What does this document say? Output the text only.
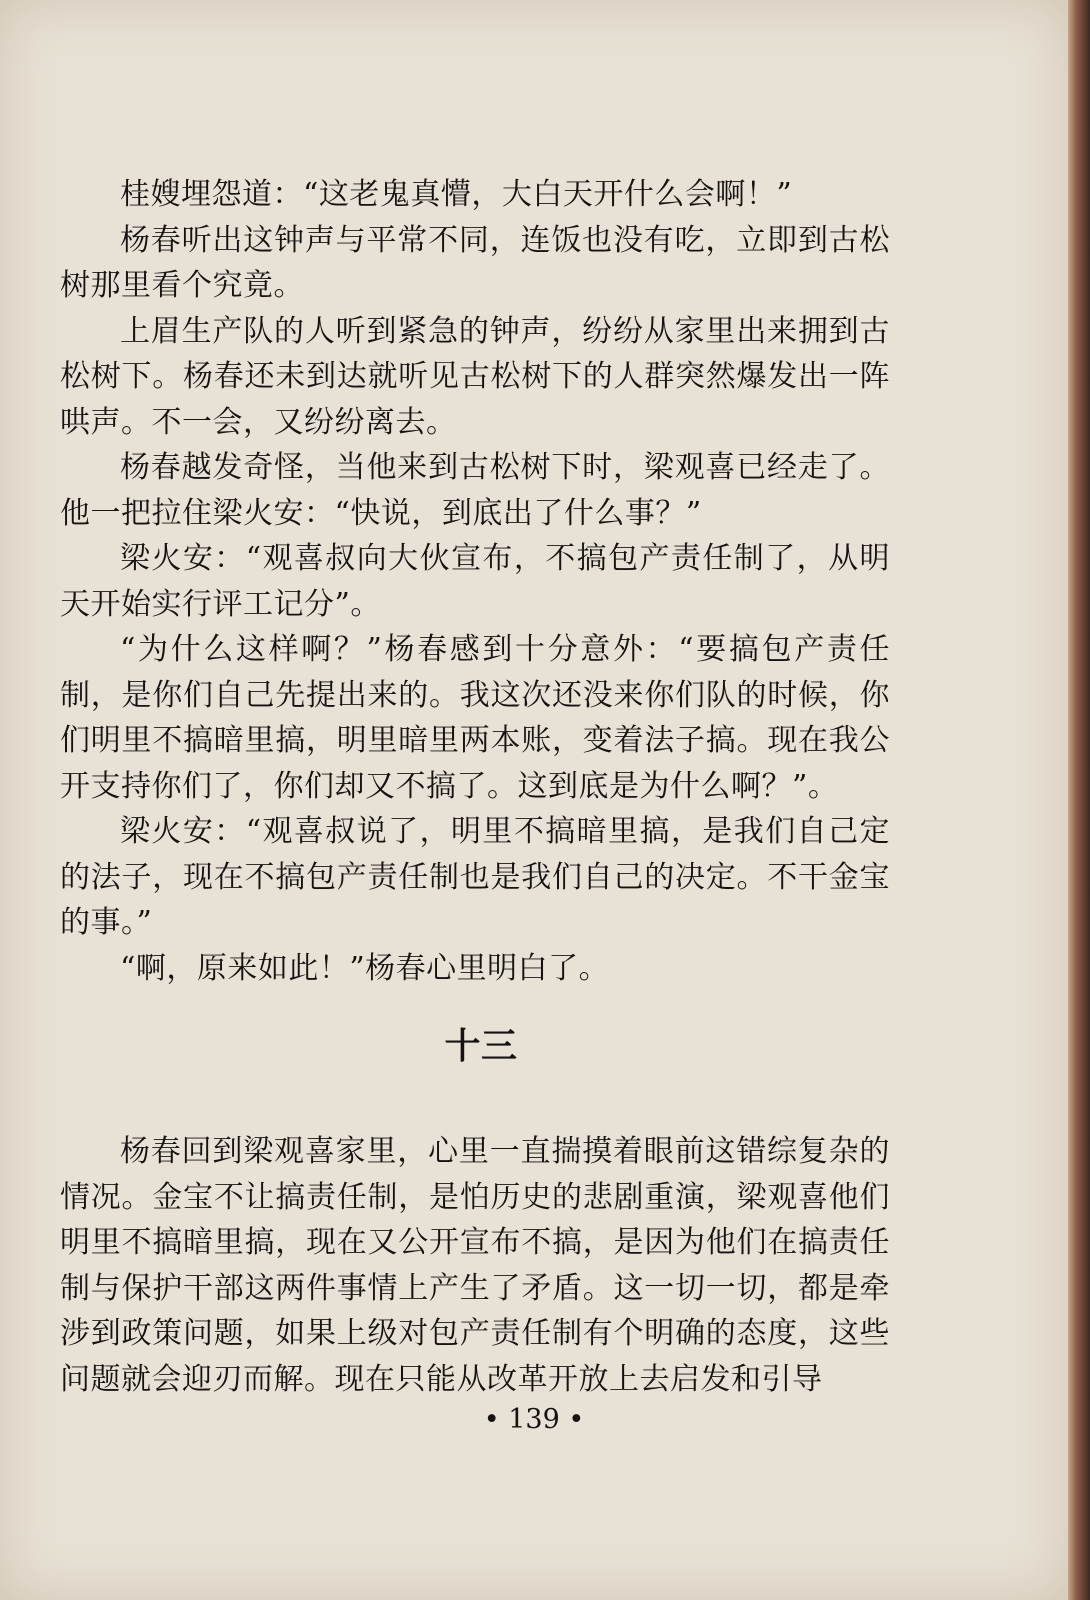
桂嫂埋怨道：“这老鬼真懵，大白天开什么会啊！”

杨春听出这钟声与平常不同，连饭也没有吃，立即到古松树那里看个究竟。

上眉生产队的人听到紧急的钟声，纷纷从家里出来拥到古松树下。杨春还未到达就听见古松树下的人群突然爆发出一阵哄声。不一会，又纷纷离去。

杨春越发奇怪，当他来到古松树下时，梁观喜已经走了。他一把拉住梁火安：“快说，到底出了什么事？”

梁火安：“观喜叔向大伙宣布，不搞包产责任制了，从明天开始实行评工记分”。

“为什么这样啊？”杨春感到十分意外：“要搞包产责任制，是你们自己先提出来的。我这次还没来你们队的时候，你们明里不搞暗里搞，明里暗里两本账，变着法子搞。现在我公开支持你们了，你们却又不搞了。这到底是为什么啊？”。

梁火安：“观喜叔说了，明里不搞暗里搞，是我们自己定的法子，现在不搞包产责任制也是我们自己的决定。不干金宝的事。”

“啊，原来如此！”杨春心里明白了。

十三

杨春回到梁观喜家里，心里一直揣摸着眼前这错综复杂的情况。金宝不让搞责任制，是怕历史的悲剧重演，梁观喜他们明里不搞暗里搞，现在又公开宣布不搞，是因为他们在搞责任制与保护干部这两件事情上产生了矛盾。这一切一切，都是牵涉到政策问题，如果上级对包产责任制有个明确的态度，这些问题就会迎刃而解。现在只能从改革开放上去启发和引导

• 139 •
